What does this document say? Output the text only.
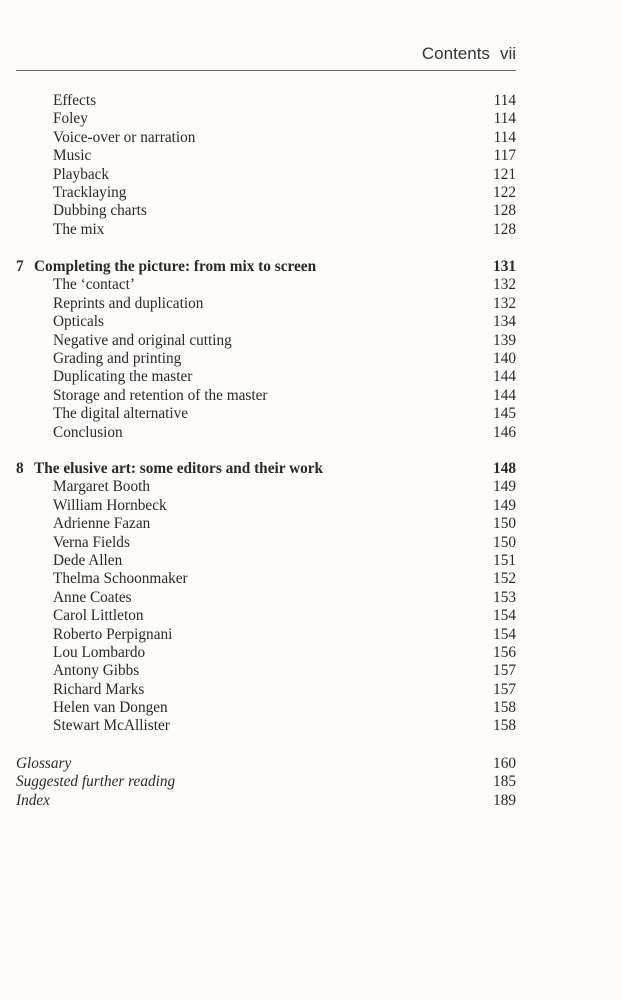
Contents vii
Effects	114
Foley	114
Voice-over or narration	114
Music	117
Playback	121
Tracklaying	122
Dubbing charts	128
The mix	128
7 Completing the picture: from mix to screen	131
The ‘contact’	132
Reprints and duplication	132
Opticals	134
Negative and original cutting	139
Grading and printing	140
Duplicating the master	144
Storage and retention of the master	144
The digital alternative	145
Conclusion	146
8 The elusive art: some editors and their work	148
Margaret Booth	149
William Hornbeck	149
Adrienne Fazan	150
Verna Fields	150
Dede Allen	151
Thelma Schoonmaker	152
Anne Coates	153
Carol Littleton	154
Roberto Perpignani	154
Lou Lombardo	156
Antony Gibbs	157
Richard Marks	157
Helen van Dongen	158
Stewart McAllister	158
Glossary	160
Suggested further reading	185
Index	189
